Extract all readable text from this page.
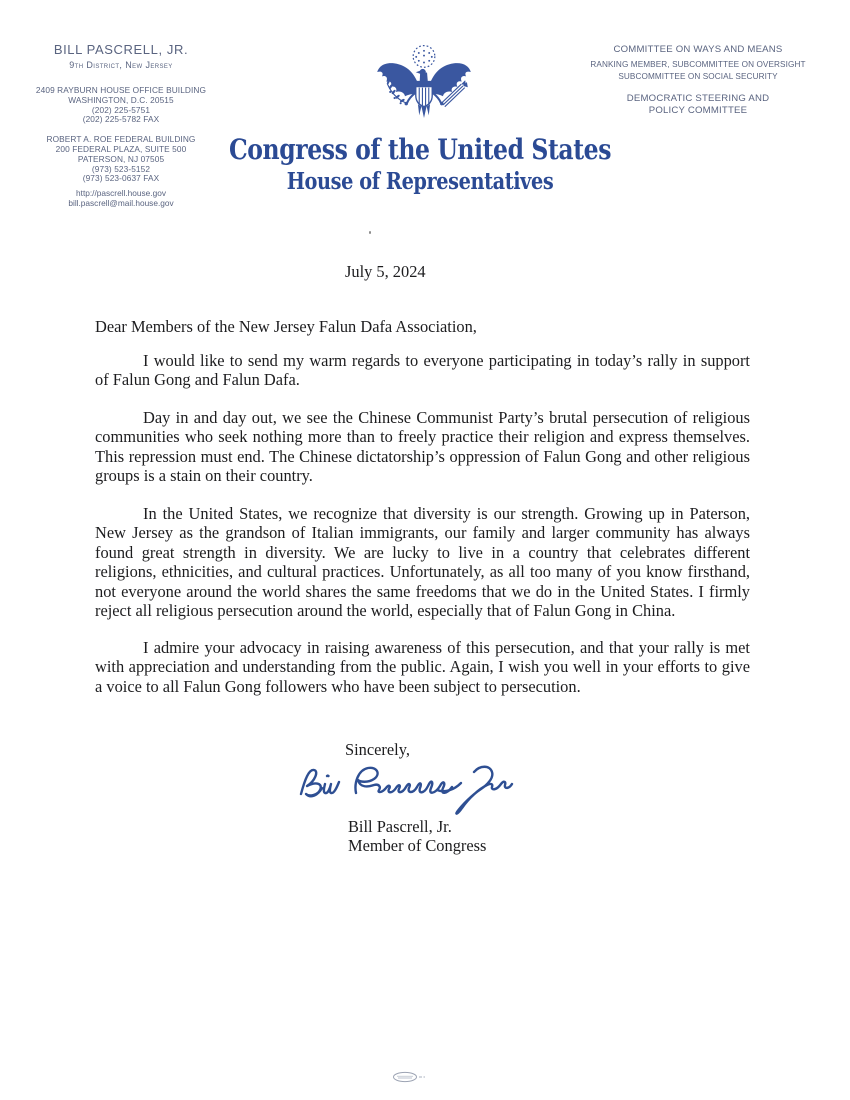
BILL PASCRELL, JR.
9th District, New Jersey
2409 RAYBURN HOUSE OFFICE BUILDING
WASHINGTON, D.C. 20515
(202) 225-5751
(202) 225-5782 FAX
ROBERT A. ROE FEDERAL BUILDING
200 FEDERAL PLAZA, SUITE 500
PATERSON, NJ 07505
(973) 523-5152
(973) 523-0637 FAX
http://pascrell.house.gov
bill.pascrell@mail.house.gov
COMMITTEE ON WAYS AND MEANS
RANKING MEMBER, SUBCOMMITTEE ON OVERSIGHT
SUBCOMMITTEE ON SOCIAL SECURITY
DEMOCRATIC STEERING AND
POLICY COMMITTEE
Congress of the United States
House of Representatives

July 5, 2024

Dear Members of the New Jersey Falun Dafa Association,

I would like to send my warm regards to everyone participating in today’s rally in support of Falun Gong and Falun Dafa.

Day in and day out, we see the Chinese Communist Party’s brutal persecution of religious communities who seek nothing more than to freely practice their religion and express themselves. This repression must end. The Chinese dictatorship’s oppression of Falun Gong and other religious groups is a stain on their country.

In the United States, we recognize that diversity is our strength. Growing up in Paterson, New Jersey as the grandson of Italian immigrants, our family and larger community has always found great strength in diversity. We are lucky to live in a country that celebrates different religions, ethnicities, and cultural practices. Unfortunately, as all too many of you know firsthand, not everyone around the world shares the same freedoms that we do in the United States. I firmly reject all religious persecution around the world, especially that of Falun Gong in China.

I admire your advocacy in raising awareness of this persecution, and that your rally is met with appreciation and understanding from the public. Again, I wish you well in your efforts to give a voice to all Falun Gong followers who have been subject to persecution.

Sincerely,

Bill Pascrell, Jr.
Member of Congress
